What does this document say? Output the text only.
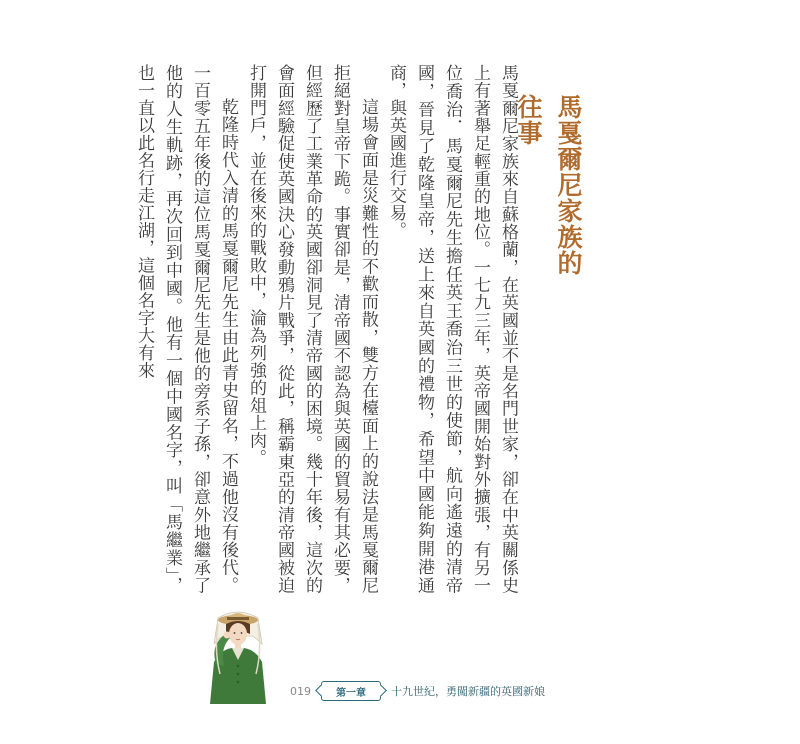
馬戛爾尼家族的往事

馬戛爾尼家族來自蘇格蘭，在英國並不是名門世家，卻在中英關係史上有著舉足輕重的地位。一七九三年，英帝國開始對外擴張，有另一位喬治．馬戛爾尼先生擔任英王喬治三世的使節，航向遙遠的清帝國，晉見了乾隆皇帝，送上來自英國的禮物，希望中國能夠開港通商，與英國進行交易。

這場會面是災難性的不歡而散，雙方在檯面上的說法是馬戛爾尼拒絕對皇帝下跪。事實卻是，清帝國不認為與英國的貿易有其必要，但經歷了工業革命的英國卻洞見了清帝國的困境。幾十年後，這次的會面經驗促使英國決心發動鴉片戰爭，從此，稱霸東亞的清帝國被迫打開門戶，並在後來的戰敗中，淪為列強的俎上肉。

乾隆時代入清的馬戛爾尼先生由此青史留名，不過他沒有後代。一百零五年後的這位馬戛爾尼先生是他的旁系子孫，卻意外地繼承了他的人生軌跡，再次回到中國。他有一個中國名字，叫「馬繼業」，也一直以此名行走江湖，這個名字大有來

019	第一章	十九世紀，勇闖新疆的英國新娘
